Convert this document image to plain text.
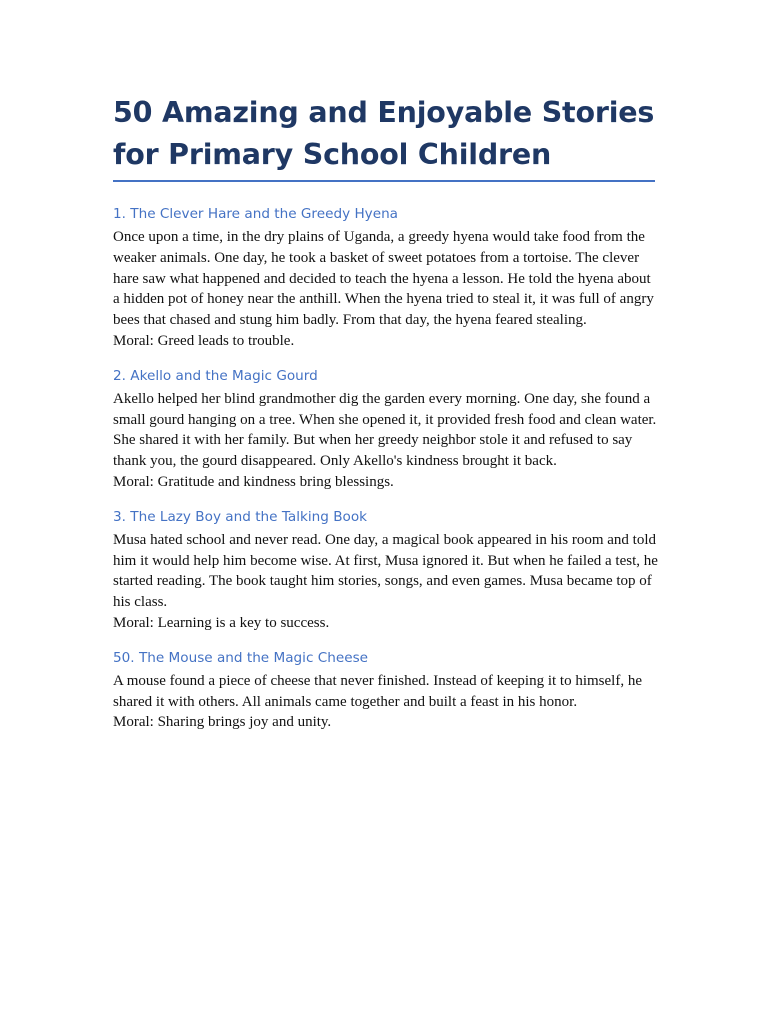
50 Amazing and Enjoyable Stories for Primary School Children
1. The Clever Hare and the Greedy Hyena

Once upon a time, in the dry plains of Uganda, a greedy hyena would take food from the weaker animals. One day, he took a basket of sweet potatoes from a tortoise. The clever hare saw what happened and decided to teach the hyena a lesson. He told the hyena about a hidden pot of honey near the anthill. When the hyena tried to steal it, it was full of angry bees that chased and stung him badly. From that day, the hyena feared stealing.

Moral: Greed leads to trouble.

2. Akello and the Magic Gourd

Akello helped her blind grandmother dig the garden every morning. One day, she found a small gourd hanging on a tree. When she opened it, it provided fresh food and clean water. She shared it with her family. But when her greedy neighbor stole it and refused to say thank you, the gourd disappeared. Only Akello's kindness brought it back.

Moral: Gratitude and kindness bring blessings.

3. The Lazy Boy and the Talking Book

Musa hated school and never read. One day, a magical book appeared in his room and told him it would help him become wise. At first, Musa ignored it. But when he failed a test, he started reading. The book taught him stories, songs, and even games. Musa became top of his class.

Moral: Learning is a key to success.

50. The Mouse and the Magic Cheese

A mouse found a piece of cheese that never finished. Instead of keeping it to himself, he shared it with others. All animals came together and built a feast in his honor.

Moral: Sharing brings joy and unity.
